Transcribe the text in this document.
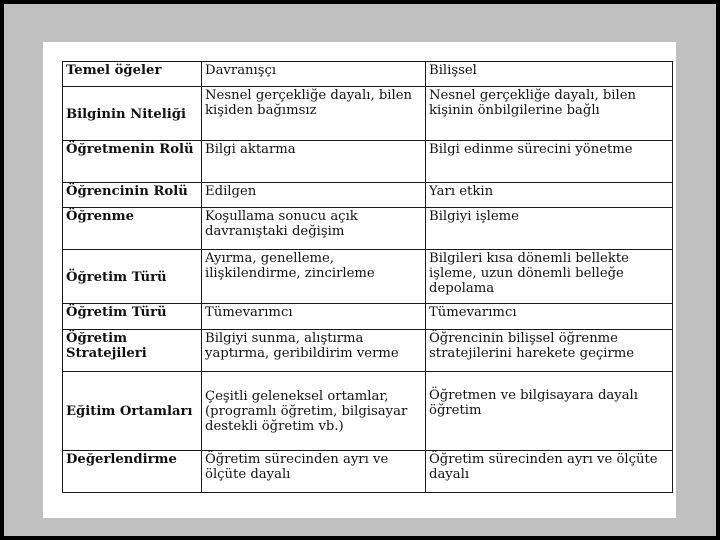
Temel öğeler	Davranışçı	Bilişsel
Bilginin Niteliği	Nesnel gerçekliğe dayalı, bilen kişiden bağımsız	Nesnel gerçekliğe dayalı, bilen kişinin önbilgilerine bağlı
Öğretmenin Rolü	Bilgi aktarma	Bilgi edinme sürecini yönetme
Öğrencinin Rolü	Edilgen	Yarı etkin
Öğrenme	Koşullama sonucu açık davranıştaki değişim	Bilgiyi işleme
Öğretim Türü	Ayırma, genelleme, ilişkilendirme, zincirleme	Bilgileri kısa dönemli bellekte işleme, uzun dönemli belleğe depolama
Öğretim Türü	Tümevarımcı	Tümevarımcı
Öğretim Stratejileri	Bilgiyi sunma, alıştırma yaptırma, geribildirim verme	Öğrencinin bilişsel öğrenme stratejilerini harekete geçirme
Eğitim Ortamları	Çeşitli geleneksel ortamlar, (programlı öğretim, bilgisayar destekli öğretim vb.)	Öğretmen ve bilgisayara dayalı öğretim
Değerlendirme	Öğretim sürecinden ayrı ve ölçüte dayalı	Öğretim sürecinden ayrı ve ölçüte dayalı
